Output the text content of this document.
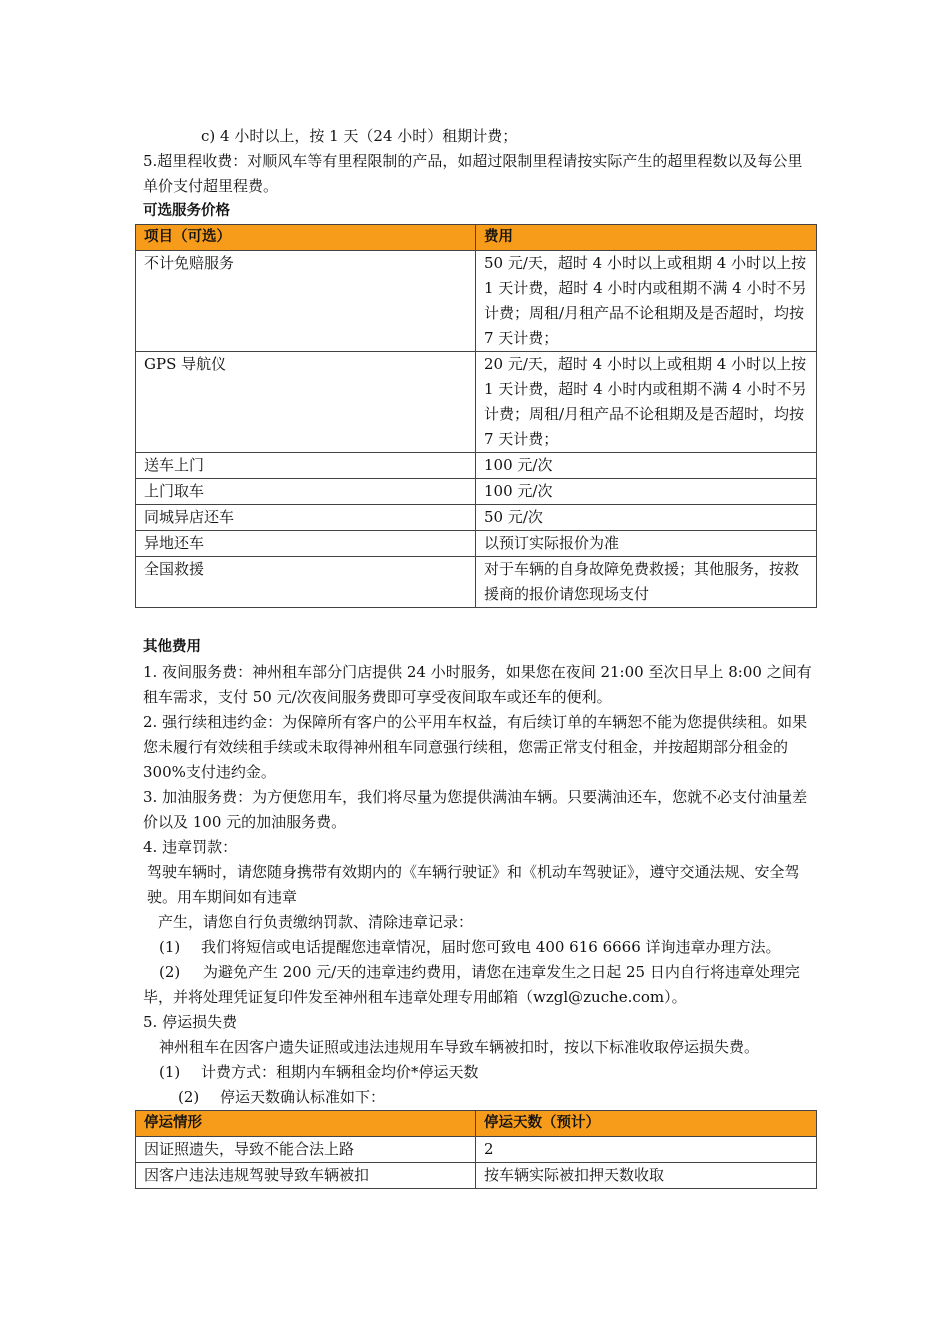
c) 4 小时以上，按 1 天（24 小时）租期计费；

5.超里程收费：对顺风车等有里程限制的产品，如超过限制里程请按实际产生的超里程数以及每公里单价支付超里程费。

可选服务价格

项目（可选）	费用
不计免赔服务	50 元/天，超时 4 小时以上或租期 4 小时以上按 1 天计费，超时 4 小时内或租期不满 4 小时不另计费；周租/月租产品不论租期及是否超时，均按 7 天计费；
GPS 导航仪	20 元/天，超时 4 小时以上或租期 4 小时以上按 1 天计费，超时 4 小时内或租期不满 4 小时不另计费；周租/月租产品不论租期及是否超时，均按 7 天计费；
送车上门	100 元/次
上门取车	100 元/次
同城异店还车	50 元/次
异地还车	以预订实际报价为准
全国救援	对于车辆的自身故障免费救援；其他服务，按救援商的报价请您现场支付

其他费用

1. 夜间服务费：神州租车部分门店提供 24 小时服务，如果您在夜间 21:00 至次日早上 8:00 之间有租车需求，支付 50 元/次夜间服务费即可享受夜间取车或还车的便利。

2. 强行续租违约金：为保障所有客户的公平用车权益，有后续订单的车辆恕不能为您提供续租。如果您未履行有效续租手续或未取得神州租车同意强行续租，您需正常支付租金，并按超期部分租金的 300%支付违约金。

3. 加油服务费：为方便您用车，我们将尽量为您提供满油车辆。只要满油还车，您就不必支付油量差价以及 100 元的加油服务费。

4. 违章罚款：

驾驶车辆时，请您随身携带有效期内的《车辆行驶证》和《机动车驾驶证》，遵守交通法规、安全驾驶。用车期间如有违章

产生，请您自行负责缴纳罚款、清除违章记录：

(1) 我们将短信或电话提醒您违章情况，届时您可致电 400 616 6666 详询违章办理方法。

(2) 为避免产生 200 元/天的违章违约费用，请您在违章发生之日起 25 日内自行将违章处理完毕，并将处理凭证复印件发至神州租车违章处理专用邮箱（wzgl@zuche.com）。

5. 停运损失费

神州租车在因客户遗失证照或违法违规用车导致车辆被扣时，按以下标准收取停运损失费。

(1) 计费方式：租期内车辆租金均价*停运天数

(2) 停运天数确认标准如下：

停运情形	停运天数（预计）
因证照遗失，导致不能合法上路	2
因客户违法违规驾驶导致车辆被扣	按车辆实际被扣押天数收取
